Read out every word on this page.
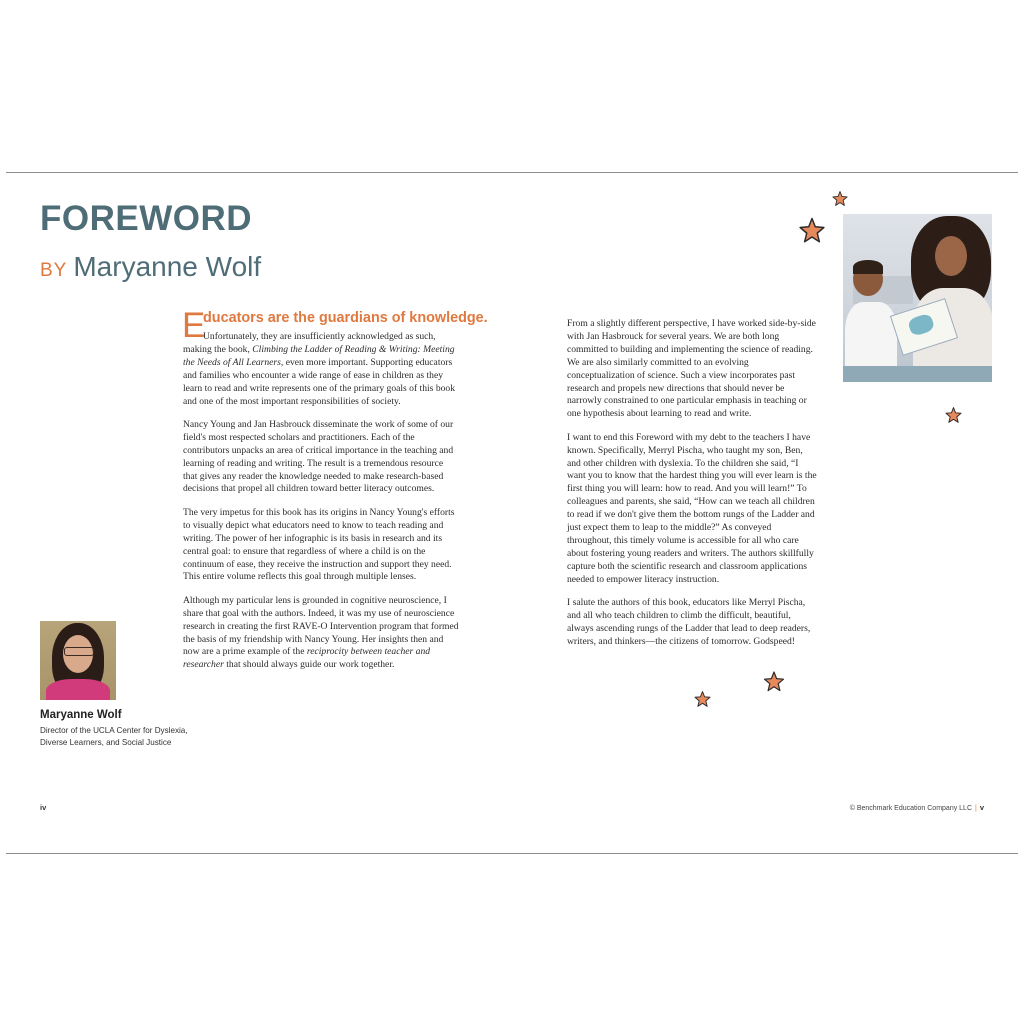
FOREWORD
BY Maryanne Wolf
E
ducators are the guardians of knowledge.

Unfortunately, they are insufficiently acknowledged as such, making the book, Climbing the Ladder of Reading & Writing: Meeting the Needs of All Learners, even more important. Supporting educators and families who encounter a wide range of ease in children as they learn to read and write represents one of the primary goals of this book and one of the most important responsibilities of society.

Nancy Young and Jan Hasbrouck disseminate the work of some of our field's most respected scholars and practitioners. Each of the contributors unpacks an area of critical importance in the teaching and learning of reading and writing. The result is a tremendous resource that gives any reader the knowledge needed to make research-based decisions that propel all children toward better literacy outcomes.

The very impetus for this book has its origins in Nancy Young's efforts to visually depict what educators need to know to teach reading and writing. The power of her infographic is its basis in research and its central goal: to ensure that regardless of where a child is on the continuum of ease, they receive the instruction and support they need. This entire volume reflects this goal through multiple lenses.

Although my particular lens is grounded in cognitive neuroscience, I share that goal with the authors. Indeed, it was my use of neuroscience research in creating the first RAVE-O Intervention program that formed the basis of my friendship with Nancy Young. Her insights then and now are a prime example of the reciprocity between teacher and researcher that should always guide our work together.

From a slightly different perspective, I have worked side-by-side with Jan Hasbrouck for several years. We are both long committed to building and implementing the science of reading. We are also similarly committed to an evolving conceptualization of science. Such a view incorporates past research and propels new directions that should never be narrowly constrained to one particular emphasis in teaching or one hypothesis about learning to read and write.

I want to end this Foreword with my debt to the teachers I have known. Specifically, Merryl Pischa, who taught my son, Ben, and other children with dyslexia. To the children she said, “I want you to know that the hardest thing you will ever learn is the first thing you will learn: how to read. And you will learn!” To colleagues and parents, she said, “How can we teach all children to read if we don't give them the bottom rungs of the Ladder and just expect them to leap to the middle?” As conveyed throughout, this timely volume is accessible for all who care about fostering young readers and writers. The authors skillfully capture both the scientific research and classroom applications needed to empower literacy instruction.

I salute the authors of this book, educators like Merryl Pischa, and all who teach children to climb the difficult, beautiful, always ascending rungs of the Ladder that lead to deep readers, writers, and thinkers—the citizens of tomorrow. Godspeed!

Maryanne Wolf

Director of the UCLA Center for Dyslexia, Diverse Learners, and Social Justice

iv	© Benchmark Education Company LLC | v
